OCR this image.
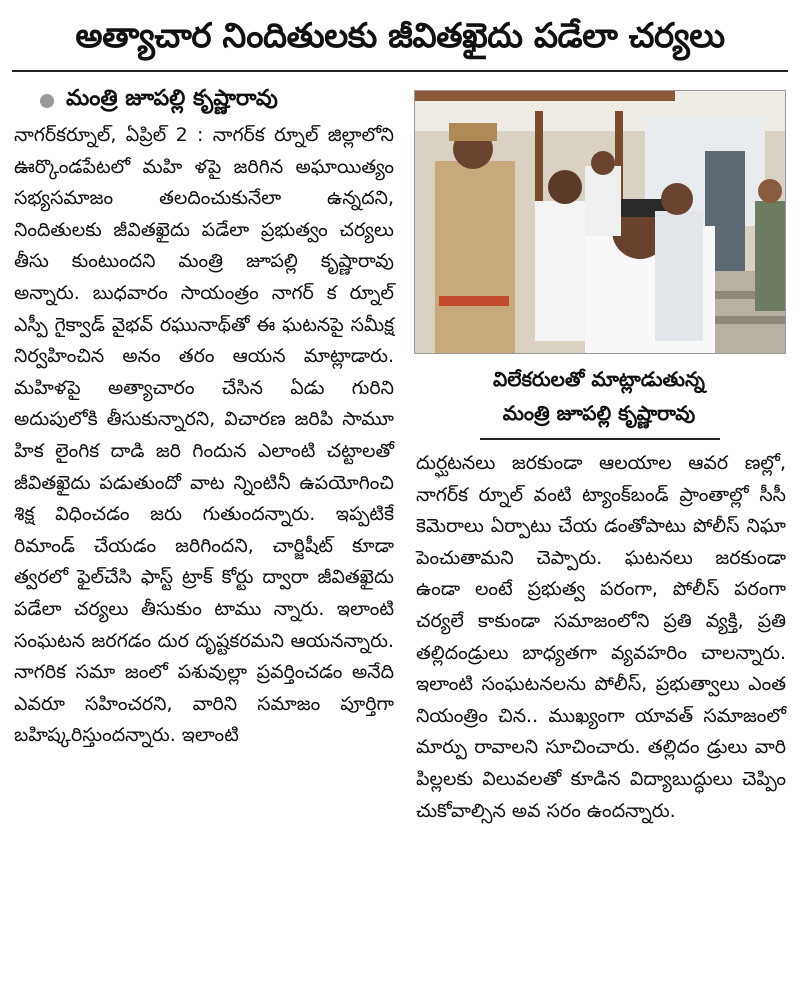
అత్యాచార నిందితులకు జీవితఖైదు పడేలా చర్యలు
మంత్రి జూపల్లి కృష్ణారావు

నాగర్‌కర్నూల్‌, ఏప్రిల్‌ 2 : నాగర్‌క ర్నూల్‌ జిల్లాలోని ఊర్కొండపేటలో మహి ళపై జరిగిన అఘాయిత్యం సభ్యసమాజం తలదించుకునేలా ఉన్నదని, నిందితులకు జీవితఖైదు పడేలా ప్రభుత్వం చర్యలు తీసు కుంటుందని మంత్రి జూపల్లి కృష్ణారావు అన్నారు. బుధవారం సాయంత్రం నాగర్‌ క ర్నూల్‌ ఎస్పీ గైక్వాడ్‌ వైభవ్‌ రఘునాథ్‌తో ఈ ఘటనపై సమీక్ష నిర్వహించిన అనం తరం ఆయన మాట్లాడారు. మహిళపై అత్యాచారం చేసిన ఏడు గురిని అదుపులోకి తీసుకున్నారని, విచారణ జరిపి సామూ హిక లైంగిక దాడి జరి గిందున ఎలాంటి చట్టాలతో జీవితఖైదు పడుతుందో వాట న్నింటినీ ఉపయోగించి శిక్ష విధించడం జరు గుతుందన్నారు. ఇప్పటికే రిమాండ్‌ చేయడం జరిగిందని, చార్జిషీట్‌ కూడా త్వరలో ఫైల్‌చేసి ఫాస్ట్‌ ట్రాక్‌ కోర్టు ద్వారా జీవితఖైదు పడేలా చర్యలు తీసుకుం టాము న్నారు. ఇలాంటి సంఘటన జరగడం దుర దృష్టకరమని ఆయనన్నారు. నాగరిక సమా జంలో పశువుల్లా ప్రవర్తించడం అనేది ఎవరూ సహించరని, వారిని సమాజం పూర్తిగా బహిష్కరిస్తుందన్నారు. ఇలాంటి

విలేకరులతో మాట్లాడుతున్న

మంత్రి జూపల్లి కృష్ణారావు

దుర్ఘటనలు జరకుండా ఆలయాల ఆవర ణల్లో, నాగర్‌క ర్నూల్‌ వంటి ట్యాంక్‌బండ్‌ ప్రాంతాల్లో సీసీ కెమెరాలు ఏర్పాటు చేయ డంతోపాటు పోలీస్‌ నిఘా పెంచుతామని చెప్పారు. ఘటనలు జరకుండా ఉండా లంటే ప్రభుత్వ పరంగా, పోలీస్‌ పరంగా చర్యలే కాకుండా సమాజంలోని ప్రతి వ్యక్తి, ప్రతి తల్లిదండ్రులు బాధ్యతగా వ్యవహరిం చాలన్నారు. ఇలాంటి సంఘటనలను పోలీస్‌, ప్రభుత్వాలు ఎంత నియంత్రిం చిన.. ముఖ్యంగా యావత్‌ సమాజంలో మార్పు రావాలని సూచించారు. తల్లిదం డ్రులు వారి పిల్లలకు విలువలతో కూడిన విద్యాబుద్ధులు చెప్పిం చుకోవాల్సిన అవ సరం ఉందన్నారు.
